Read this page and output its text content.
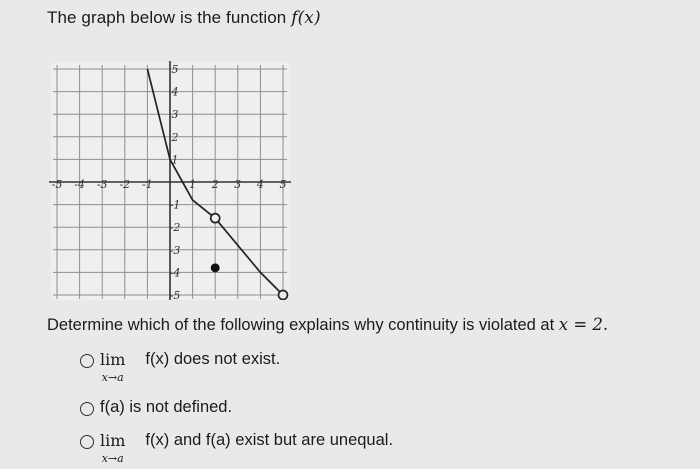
The graph below is the function f(x)
-5 -4 -3 -2 -1	1 2 3 4 5
5
4
3
2
1
-1
-2
-3
-4
-5
Determine which of the following explains why continuity is violated at x = 2.
lim
x→a
f(x) does not exist.
f(a) is not defined.
lim
x→a
f(x) and f(a) exist but are unequal.
